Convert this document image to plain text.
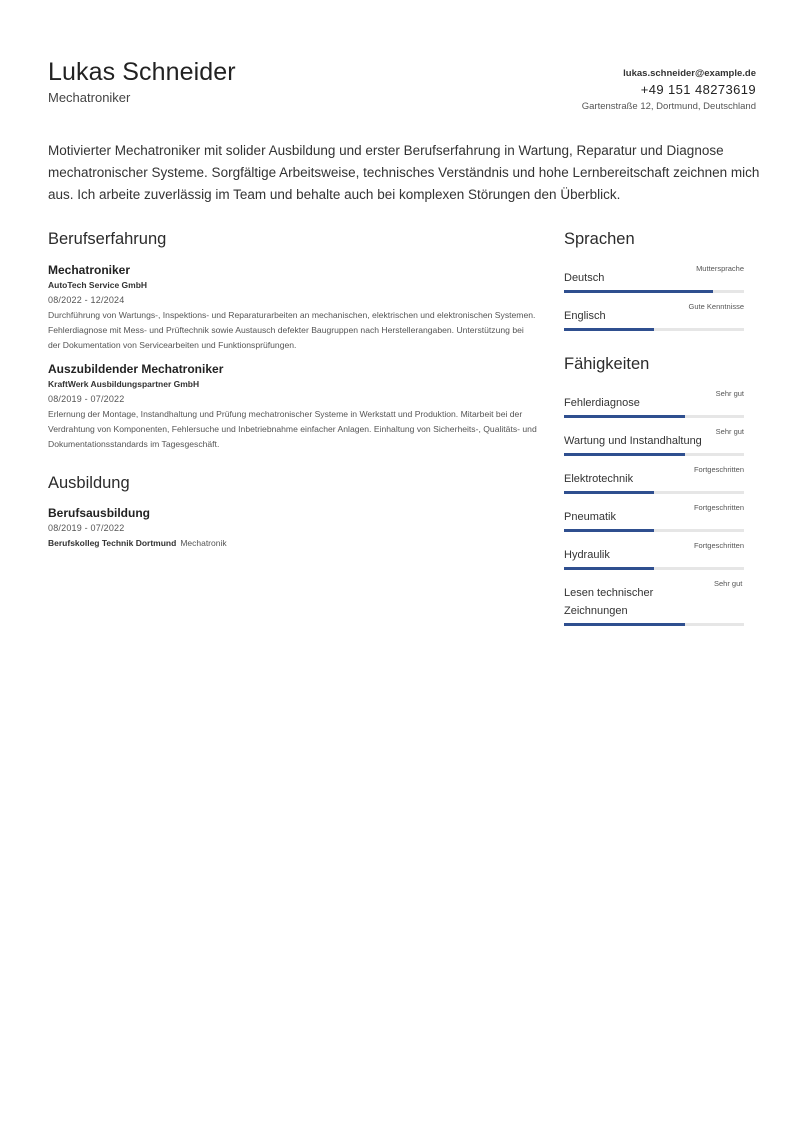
Lukas Schneider
Mechatroniker
lukas.schneider@example.de
+49 151 48273619
Gartenstraße 12, Dortmund, Deutschland
Motivierter Mechatroniker mit solider Ausbildung und erster Berufserfahrung in Wartung, Reparatur und Diagnose mechatronischer Systeme. Sorgfältige Arbeitsweise, technisches Verständnis und hohe Lernbereitschaft zeichnen mich aus. Ich arbeite zuverlässig im Team und behalte auch bei komplexen Störungen den Überblick.
Berufserfahrung
Mechatroniker
AutoTech Service GmbH
08/2022 - 12/2024
Durchführung von Wartungs-, Inspektions- und Reparaturarbeiten an mechanischen, elektrischen und elektronischen Systemen. Fehlerdiagnose mit Mess- und Prüftechnik sowie Austausch defekter Baugruppen nach Herstellerangaben. Unterstützung bei der Dokumentation von Servicearbeiten und Funktionsprüfungen.
Auszubildender Mechatroniker
KraftWerk Ausbildungspartner GmbH
08/2019 - 07/2022
Erlernung der Montage, Instandhaltung und Prüfung mechatronischer Systeme in Werkstatt und Produktion. Mitarbeit bei der Verdrahtung von Komponenten, Fehlersuche und Inbetriebnahme einfacher Anlagen. Einhaltung von Sicherheits-, Qualitäts- und Dokumentationsstandards im Tagesgeschäft.
Ausbildung
Berufsausbildung
08/2019 - 07/2022
Berufskolleg Technik Dortmund Mechatronik
Sprachen
Deutsch
Muttersprache
Englisch
Gute Kenntnisse
Fähigkeiten
Fehlerdiagnose
Sehr gut
Wartung und Instandhaltung
Sehr gut
Elektrotechnik
Fortgeschritten
Pneumatik
Fortgeschritten
Hydraulik
Fortgeschritten
Lesen technischer Zeichnungen
Sehr gut
